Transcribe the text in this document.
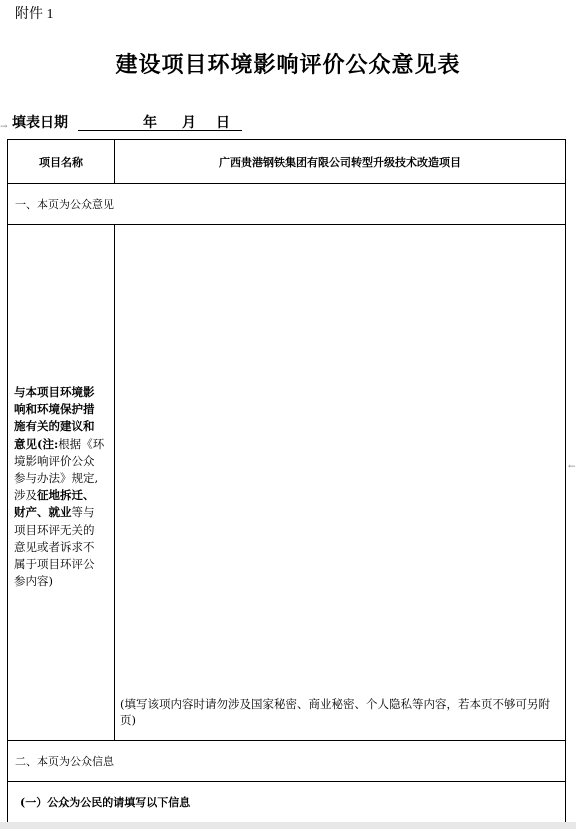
附件 1
建设项目环境影响评价公众意见表
填表日期	年 月 日
项目名称	广西贵港钢铁集团有限公司转型升级技术改造项目
一、本页为公众意见
与本项目环境影
响和环境保护措
施有关的建议和
意见(注:根据《环
境影响评价公众
参与办法》规定,
涉及征地拆迁、
财产、就业等与
项目环评无关的
意见或者诉求不
属于项目环评公
参内容)
(填写该项内容时请勿涉及国家秘密、商业秘密、个人隐私等内容，若本页不够可另附页)
二、本页为公众信息
(一）公众为公民的请填写以下信息
→
←
